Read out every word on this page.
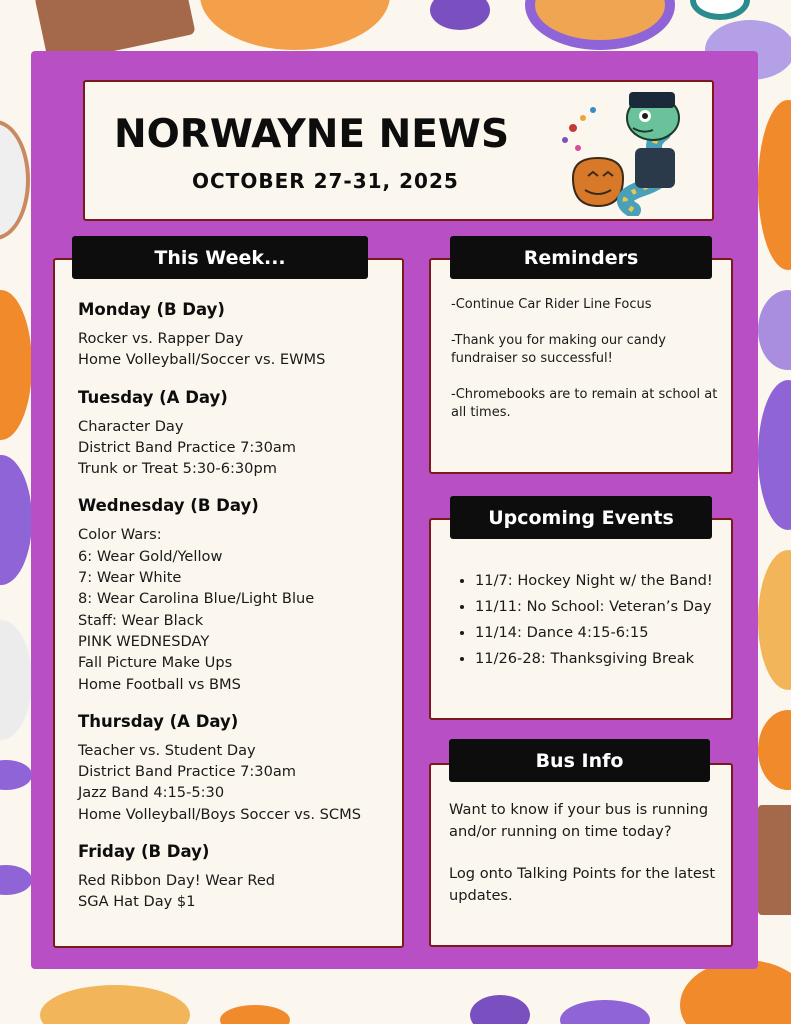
NORWAYNE NEWS
OCTOBER 27-31, 2025
Monday (B Day)
Rocker vs. Rapper Day
Home Volleyball/Soccer vs. EWMS
Tuesday (A Day)
Character Day
District Band Practice 7:30am
Trunk or Treat 5:30-6:30pm
Wednesday (B Day)
Color Wars:
6: Wear Gold/Yellow
7: Wear White
8: Wear Carolina Blue/Light Blue
Staff: Wear Black
PINK WEDNESDAY
Fall Picture Make Ups
Home Football vs BMS
Thursday (A Day)
Teacher vs. Student Day
District Band Practice 7:30am
Jazz Band 4:15-5:30
Home Volleyball/Boys Soccer vs. SCMS
Friday (B Day)
Red Ribbon Day! Wear Red
SGA Hat Day $1
This Week...
-Continue Car Rider Line Focus
-Thank you for making our candy fundraiser so successful!
-Chromebooks are to remain at school at all times.
Reminders
• 11/7: Hockey Night w/ the Band!
• 11/11: No School: Veteran’s Day
• 11/14: Dance 4:15-6:15
• 11/26-28: Thanksgiving Break
Upcoming Events
Want to know if your bus is running and/or running on time today?
Log onto Talking Points for the latest updates.
Bus Info
